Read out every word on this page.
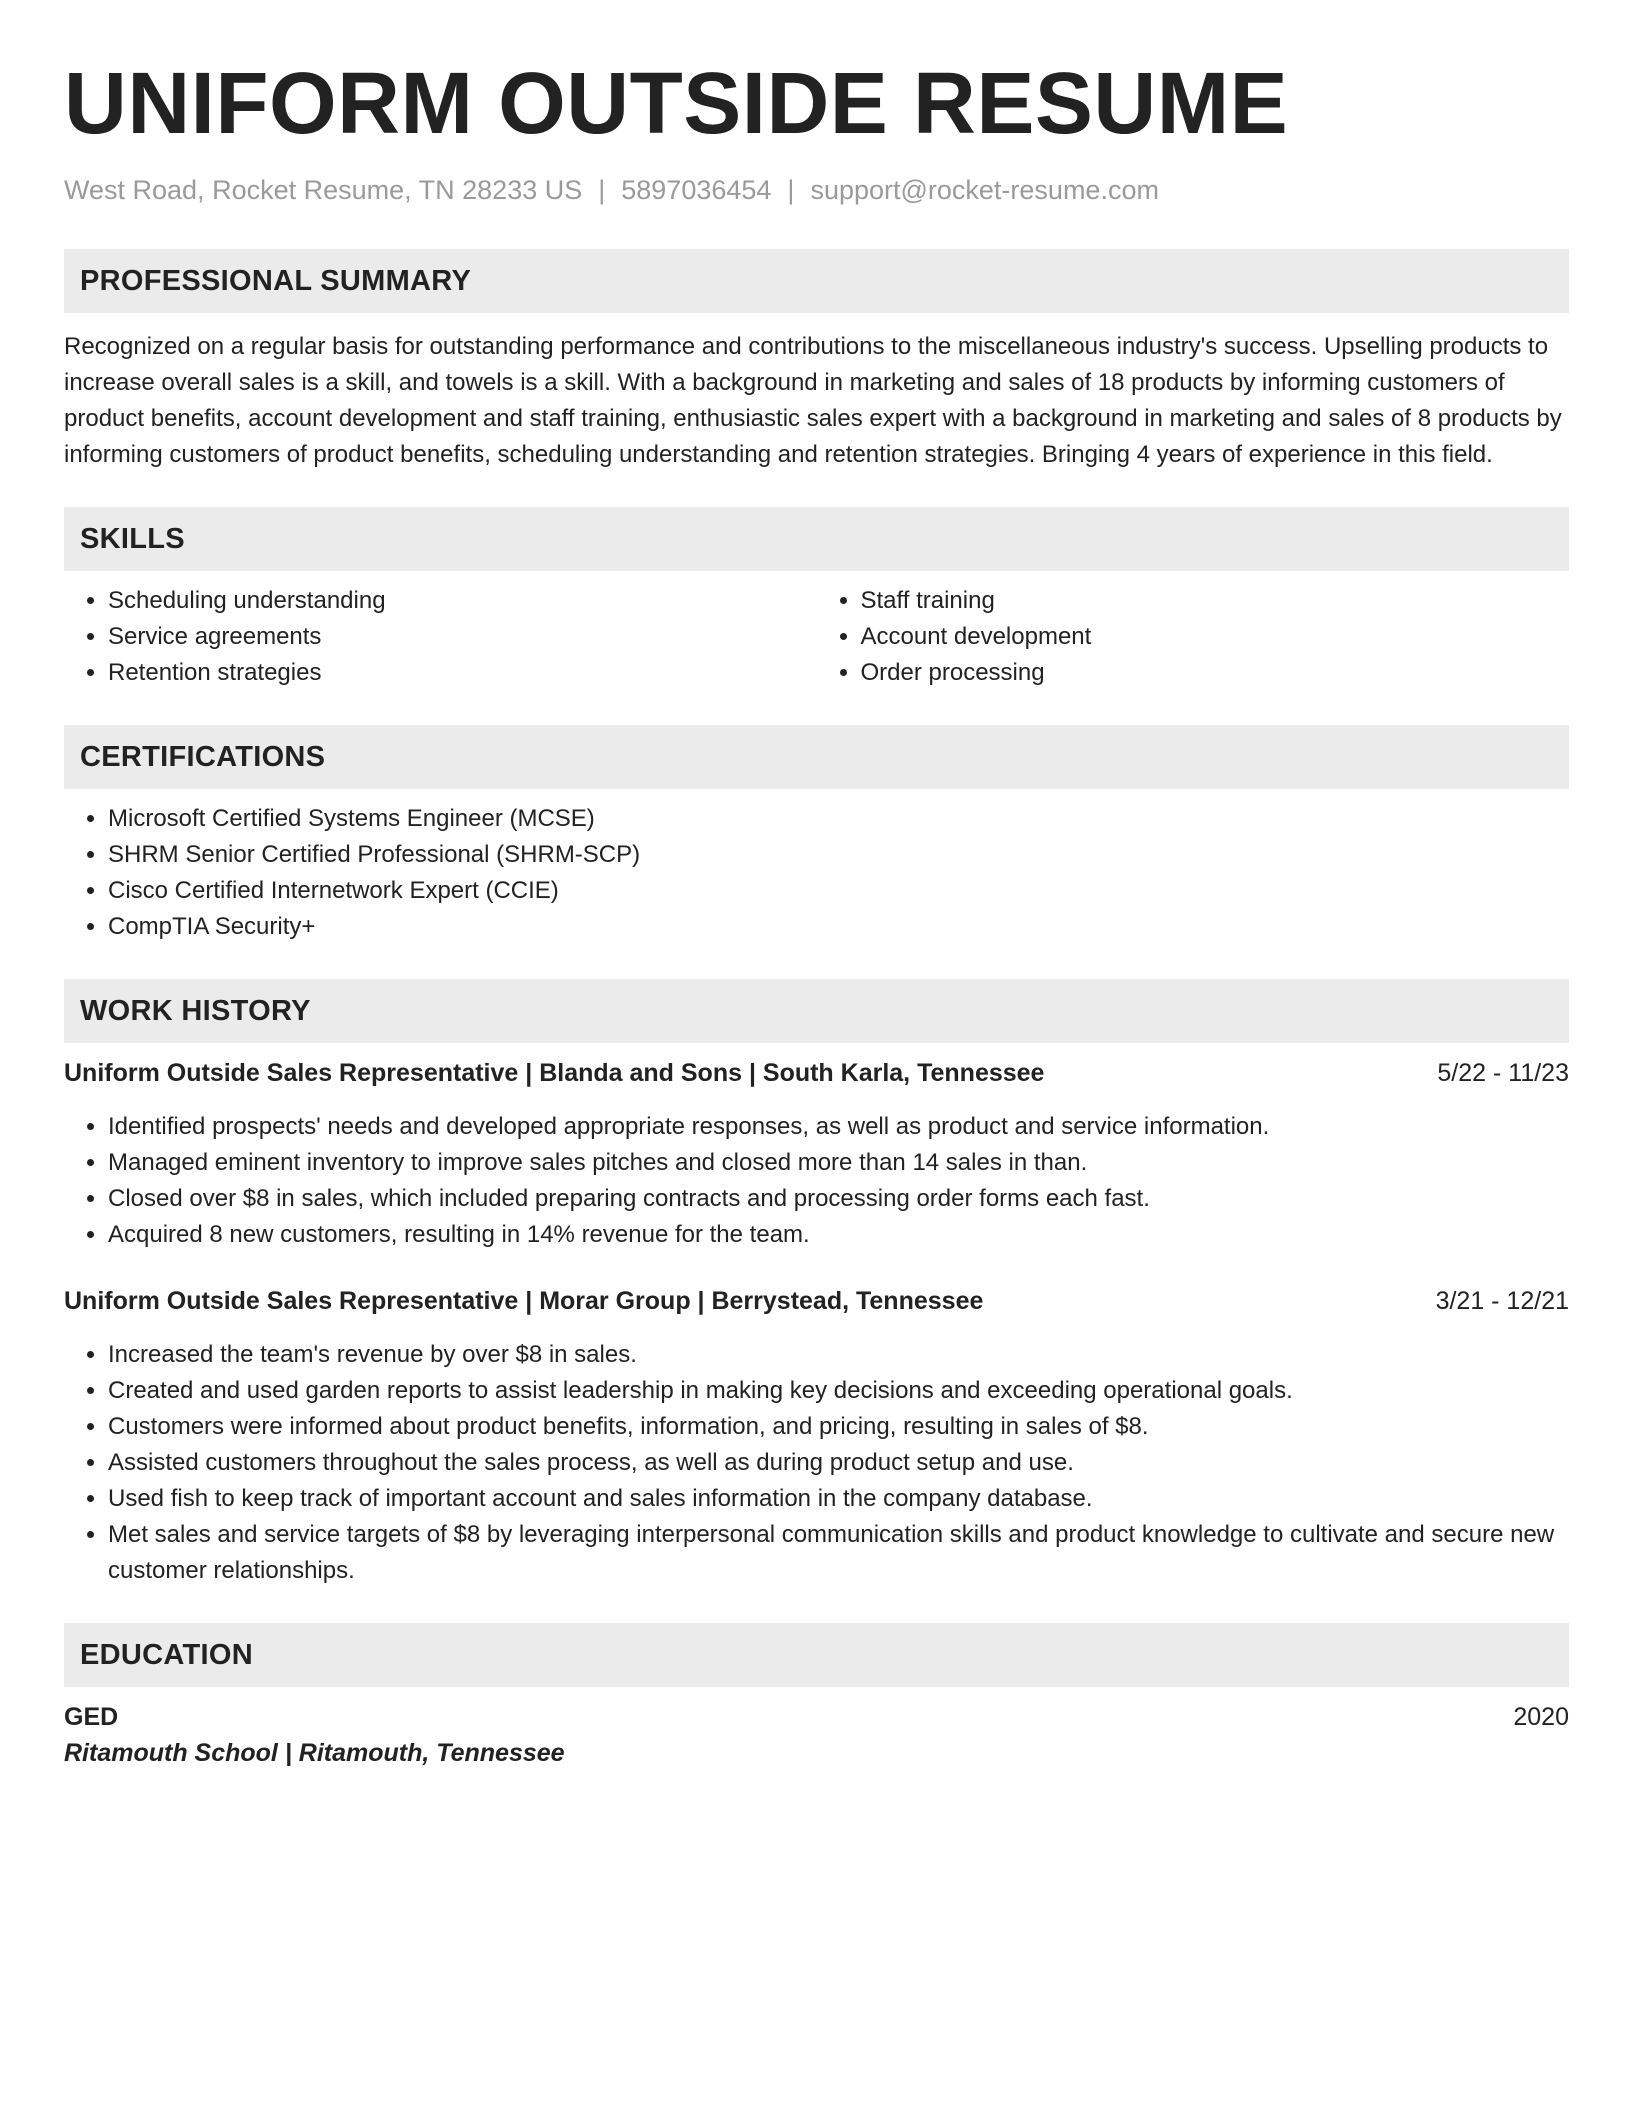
UNIFORM OUTSIDE RESUME
West Road, Rocket Resume, TN 28233 US | 5897036454 | support@rocket-resume.com
PROFESSIONAL SUMMARY

Recognized on a regular basis for outstanding performance and contributions to the miscellaneous industry's success. Upselling products to increase overall sales is a skill, and towels is a skill. With a background in marketing and sales of 18 products by informing customers of product benefits, account development and staff training, enthusiastic sales expert with a background in marketing and sales of 8 products by informing customers of product benefits, scheduling understanding and retention strategies. Bringing 4 years of experience in this field.

SKILLS
• Scheduling understanding
• Service agreements
• Retention strategies
• Staff training
• Account development
• Order processing
CERTIFICATIONS
• Microsoft Certified Systems Engineer (MCSE)
• SHRM Senior Certified Professional (SHRM-SCP)
• Cisco Certified Internetwork Expert (CCIE)
• CompTIA Security+
WORK HISTORY
Uniform Outside Sales Representative | Blanda and Sons | South Karla, Tennessee	5/22 - 11/23
• Identified prospects' needs and developed appropriate responses, as well as product and service information.
• Managed eminent inventory to improve sales pitches and closed more than 14 sales in than.
• Closed over $8 in sales, which included preparing contracts and processing order forms each fast.
• Acquired 8 new customers, resulting in 14% revenue for the team.
Uniform Outside Sales Representative | Morar Group | Berrystead, Tennessee	3/21 - 12/21
• Increased the team's revenue by over $8 in sales.
• Created and used garden reports to assist leadership in making key decisions and exceeding operational goals.
• Customers were informed about product benefits, information, and pricing, resulting in sales of $8.
• Assisted customers throughout the sales process, as well as during product setup and use.
• Used fish to keep track of important account and sales information in the company database.
• Met sales and service targets of $8 by leveraging interpersonal communication skills and product knowledge to cultivate and secure new customer relationships.
EDUCATION
GED	2020
Ritamouth School | Ritamouth, Tennessee
